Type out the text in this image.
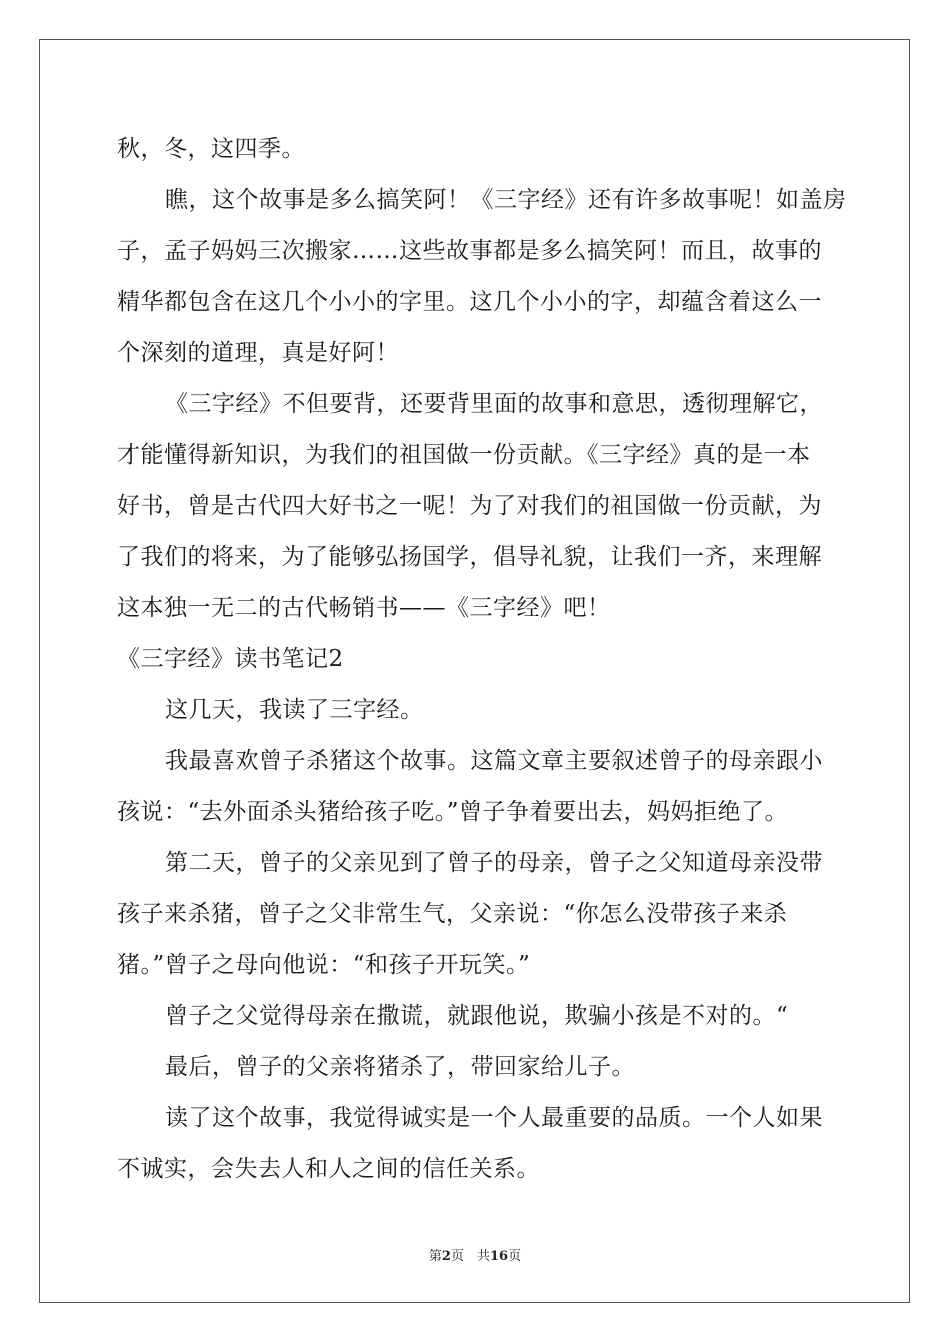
秋，冬，这四季。
瞧，这个故事是多么搞笑阿！《三字经》还有许多故事呢！如盖房
子，孟子妈妈三次搬家……这些故事都是多么搞笑阿！而且，故事的
精华都包含在这几个小小的字里。这几个小小的字，却蕴含着这么一
个深刻的道理，真是好阿！
《三字经》不但要背，还要背里面的故事和意思，透彻理解它，
才能懂得新知识，为我们的祖国做一份贡献。《三字经》真的是一本
好书，曾是古代四大好书之一呢！为了对我们的祖国做一份贡献，为
了我们的将来，为了能够弘扬国学，倡导礼貌，让我们一齐，来理解
这本独一无二的古代畅销书——《三字经》吧！
《三字经》读书笔记2
这几天，我读了三字经。
我最喜欢曾子杀猪这个故事。这篇文章主要叙述曾子的母亲跟小
孩说：“去外面杀头猪给孩子吃。”曾子争着要出去，妈妈拒绝了。
第二天，曾子的父亲见到了曾子的母亲，曾子之父知道母亲没带
孩子来杀猪，曾子之父非常生气，父亲说：“你怎么没带孩子来杀
猪。”曾子之母向他说：“和孩子开玩笑。”
曾子之父觉得母亲在撒谎，就跟他说，欺骗小孩是不对的。“
最后，曾子的父亲将猪杀了，带回家给儿子。
读了这个故事，我觉得诚实是一个人最重要的品质。一个人如果
不诚实，会失去人和人之间的信任关系。
第2页　共16页
